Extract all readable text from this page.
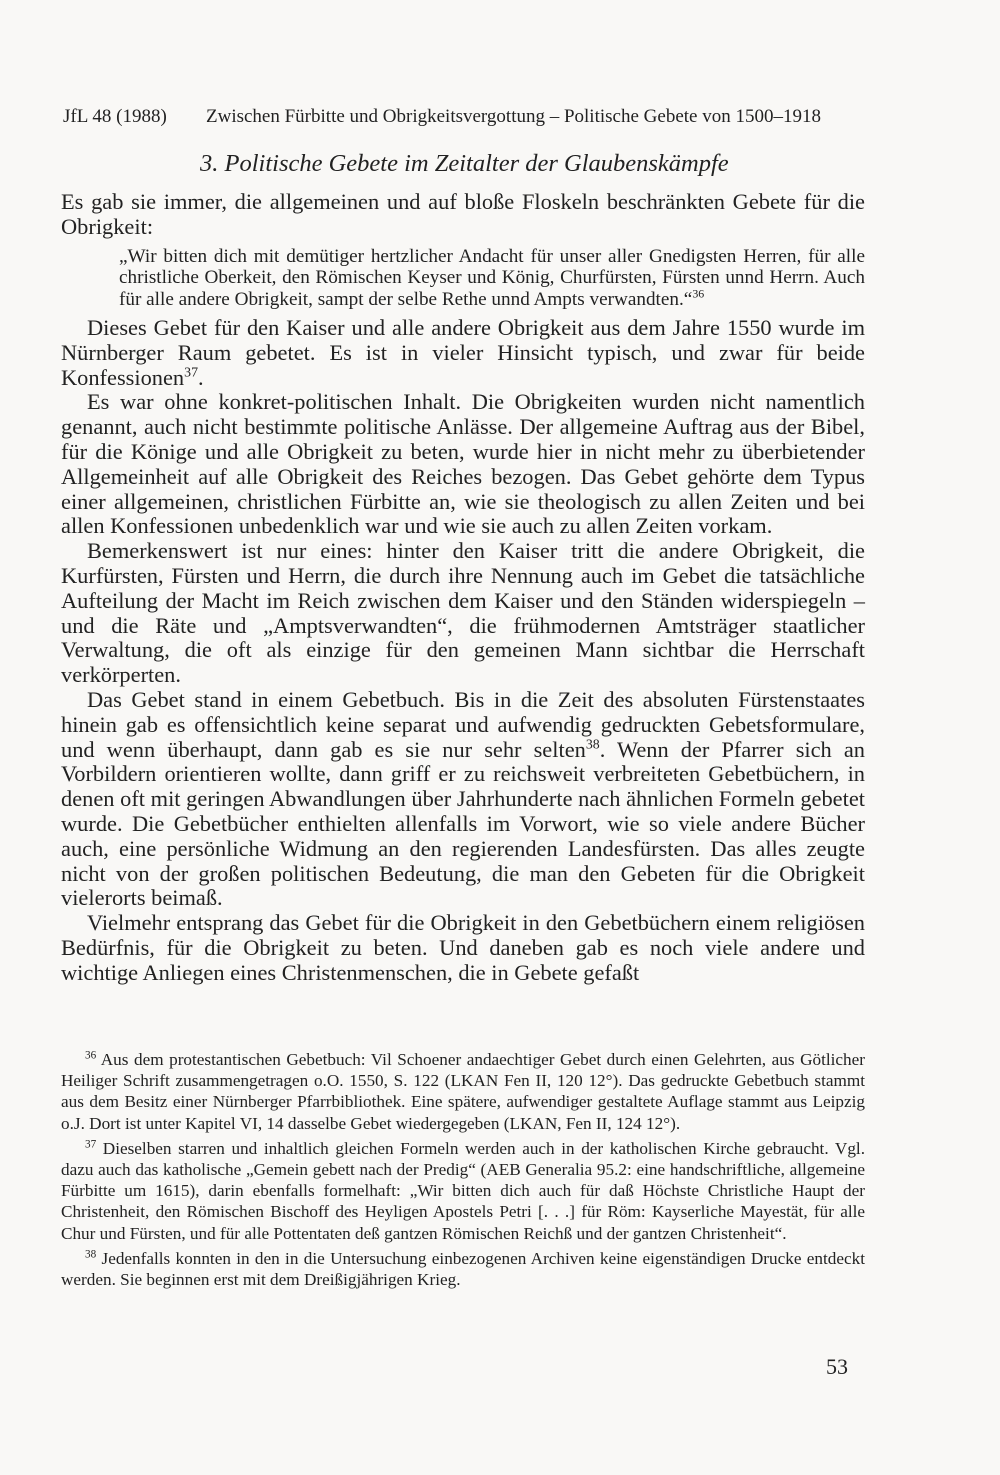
JfL 48 (1988) Zwischen Fürbitte und Obrigkeitsvergottung – Politische Gebete von 1500–1918
3. Politische Gebete im Zeitalter der Glaubenskämpfe

Es gab sie immer, die allgemeinen und auf bloße Floskeln beschränkten Gebete für die Obrigkeit:

„Wir bitten dich mit demütiger hertzlicher Andacht für unser aller Gnedigsten Herren, für alle christliche Oberkeit, den Römischen Keyser und König, Churfürsten, Fürsten unnd Herrn. Auch für alle andere Obrigkeit, sampt der selbe Rethe unnd Ampts verwandten.“$^{36}$

Dieses Gebet für den Kaiser und alle andere Obrigkeit aus dem Jahre 1550 wurde im Nürnberger Raum gebetet. Es ist in vieler Hinsicht typisch, und zwar für beide Konfessionen$^{37}$.

Es war ohne konkret-politischen Inhalt. Die Obrigkeiten wurden nicht namentlich genannt, auch nicht bestimmte politische Anlässe. Der allgemeine Auftrag aus der Bibel, für die Könige und alle Obrigkeit zu beten, wurde hier in nicht mehr zu überbietender Allgemeinheit auf alle Obrigkeit des Reiches bezogen. Das Gebet gehörte dem Typus einer allgemeinen, christlichen Fürbitte an, wie sie theologisch zu allen Zeiten und bei allen Konfessionen unbedenklich war und wie sie auch zu allen Zeiten vorkam.

Bemerkenswert ist nur eines: hinter den Kaiser tritt die andere Obrigkeit, die Kurfürsten, Fürsten und Herrn, die durch ihre Nennung auch im Gebet die tatsächliche Aufteilung der Macht im Reich zwischen dem Kaiser und den Ständen widerspiegeln – und die Räte und „Amptsverwandten“, die frühmodernen Amtsträger staatlicher Verwaltung, die oft als einzige für den gemeinen Mann sichtbar die Herrschaft verkörperten.

Das Gebet stand in einem Gebetbuch. Bis in die Zeit des absoluten Fürstenstaates hinein gab es offensichtlich keine separat und aufwendig gedruckten Gebetsformulare, und wenn überhaupt, dann gab es sie nur sehr selten$^{38}$. Wenn der Pfarrer sich an Vorbildern orientieren wollte, dann griff er zu reichsweit verbreiteten Gebetbüchern, in denen oft mit geringen Abwandlungen über Jahrhunderte nach ähnlichen Formeln gebetet wurde. Die Gebetbücher enthielten allenfalls im Vorwort, wie so viele andere Bücher auch, eine persönliche Widmung an den regierenden Landesfürsten. Das alles zeugte nicht von der großen politischen Bedeutung, die man den Gebeten für die Obrigkeit vielerorts beimaß.

Vielmehr entsprang das Gebet für die Obrigkeit in den Gebetbüchern einem religiösen Bedürfnis, für die Obrigkeit zu beten. Und daneben gab es noch viele andere und wichtige Anliegen eines Christenmenschen, die in Gebete gefaßt

$^{36}$ Aus dem protestantischen Gebetbuch: Vil Schoener andaechtiger Gebet durch einen Gelehrten, aus Götlicher Heiliger Schrift zusammengetragen o.O. 1550, S. 122 (LKAN Fen II, 120 12°). Das gedruckte Gebetbuch stammt aus dem Besitz einer Nürnberger Pfarrbibliothek. Eine spätere, aufwendiger gestaltete Auflage stammt aus Leipzig o.J. Dort ist unter Kapitel VI, 14 dasselbe Gebet wiedergegeben (LKAN, Fen II, 124 12°).

$^{37}$ Dieselben starren und inhaltlich gleichen Formeln werden auch in der katholischen Kirche gebraucht. Vgl. dazu auch das katholische „Gemein gebett nach der Predig“ (AEB Generalia 95.2: eine handschriftliche, allgemeine Fürbitte um 1615), darin ebenfalls formelhaft: „Wir bitten dich auch für daß Höchste Christliche Haupt der Christenheit, den Römischen Bischoff des Heyligen Apostels Petri [. . .] für Röm: Kayserliche Mayestät, für alle Chur und Fürsten, und für alle Pottentaten deß gantzen Römischen Reichß und der gantzen Christenheit“.

$^{38}$ Jedenfalls konnten in den in die Untersuchung einbezogenen Archiven keine eigenständigen Drucke entdeckt werden. Sie beginnen erst mit dem Dreißigjährigen Krieg.

53
